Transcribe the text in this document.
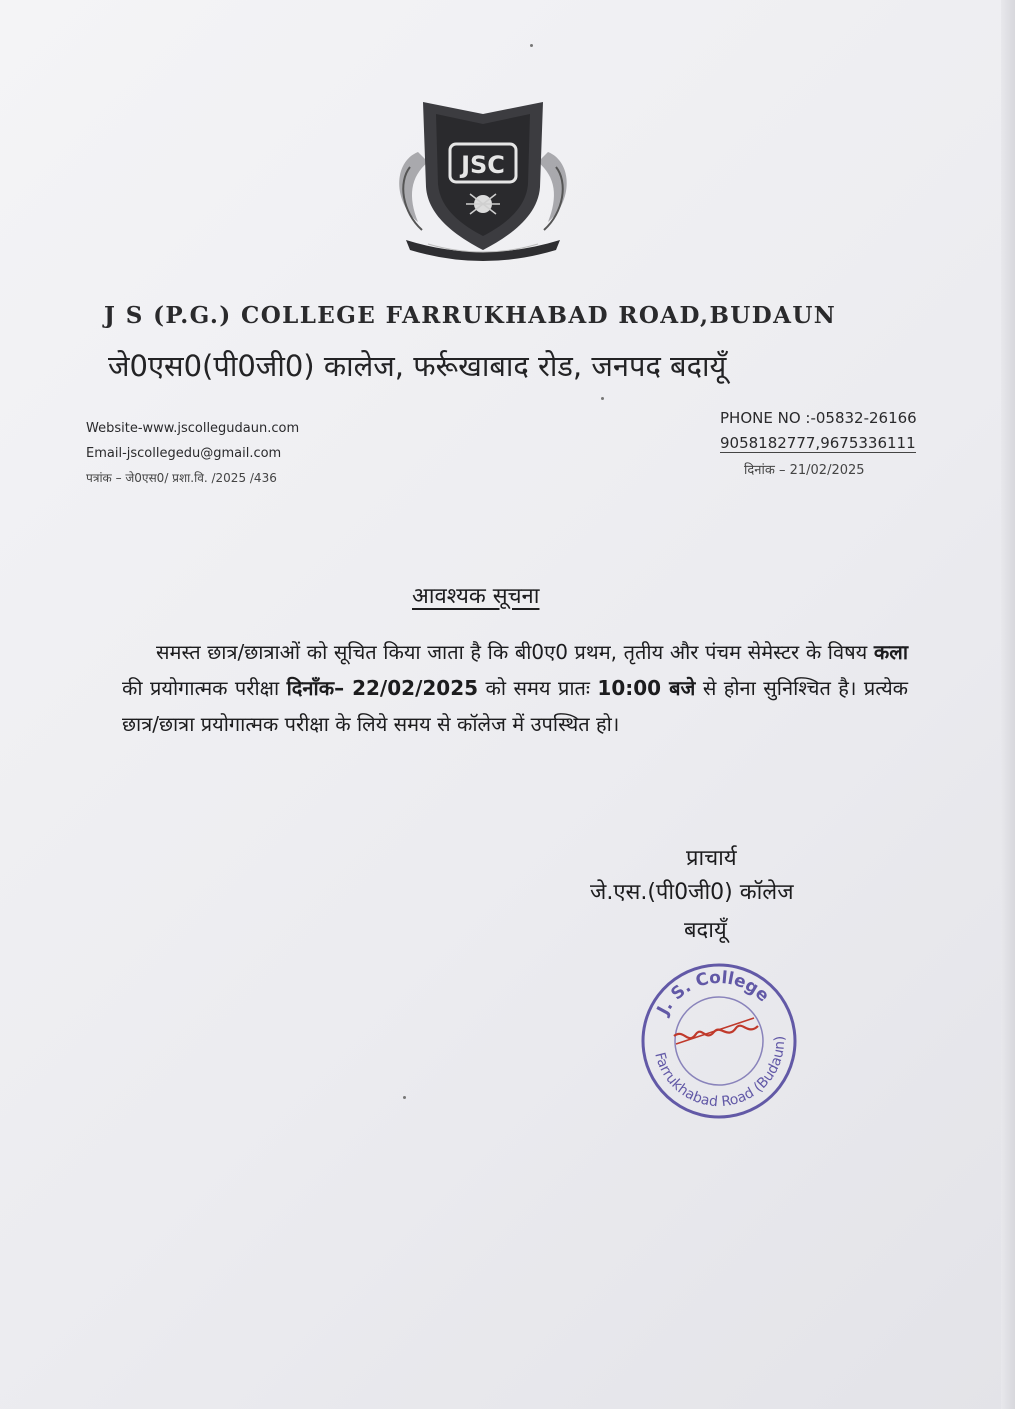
JSC
J S (P.G.) COLLEGE FARRUKHABAD ROAD,BUDAUN
जे0एस0(पी0जी0) कालेज, फर्रूखाबाद रोड, जनपद बदायूँ
Website-www.jscollegudaun.com
Email-jscollegedu@gmail.com
पत्रांक – जे0एस0/ प्रशा.वि. /2025 /436
PHONE NO :-05832-26166
9058182777,9675336111
दिनांक – 21/02/2025
आवश्यक सूचना
समस्त छात्र/छात्राओं को सूचित किया जाता है कि बी0ए0 प्रथम, तृतीय और पंचम सेमेस्टर के विषय कला की प्रयोगात्मक परीक्षा दिनाँक– 22/02/2025 को समय प्रातः 10:00 बजे से होना सुनिश्चित है। प्रत्येक छात्र/छात्रा प्रयोगात्मक परीक्षा के लिये समय से कॉलेज में उपस्थित हो।
प्राचार्य
जे.एस.(पी0जी0) कॉलेज
बदायूँ
J. S. College
Farrukhabad Road (Budaun)
